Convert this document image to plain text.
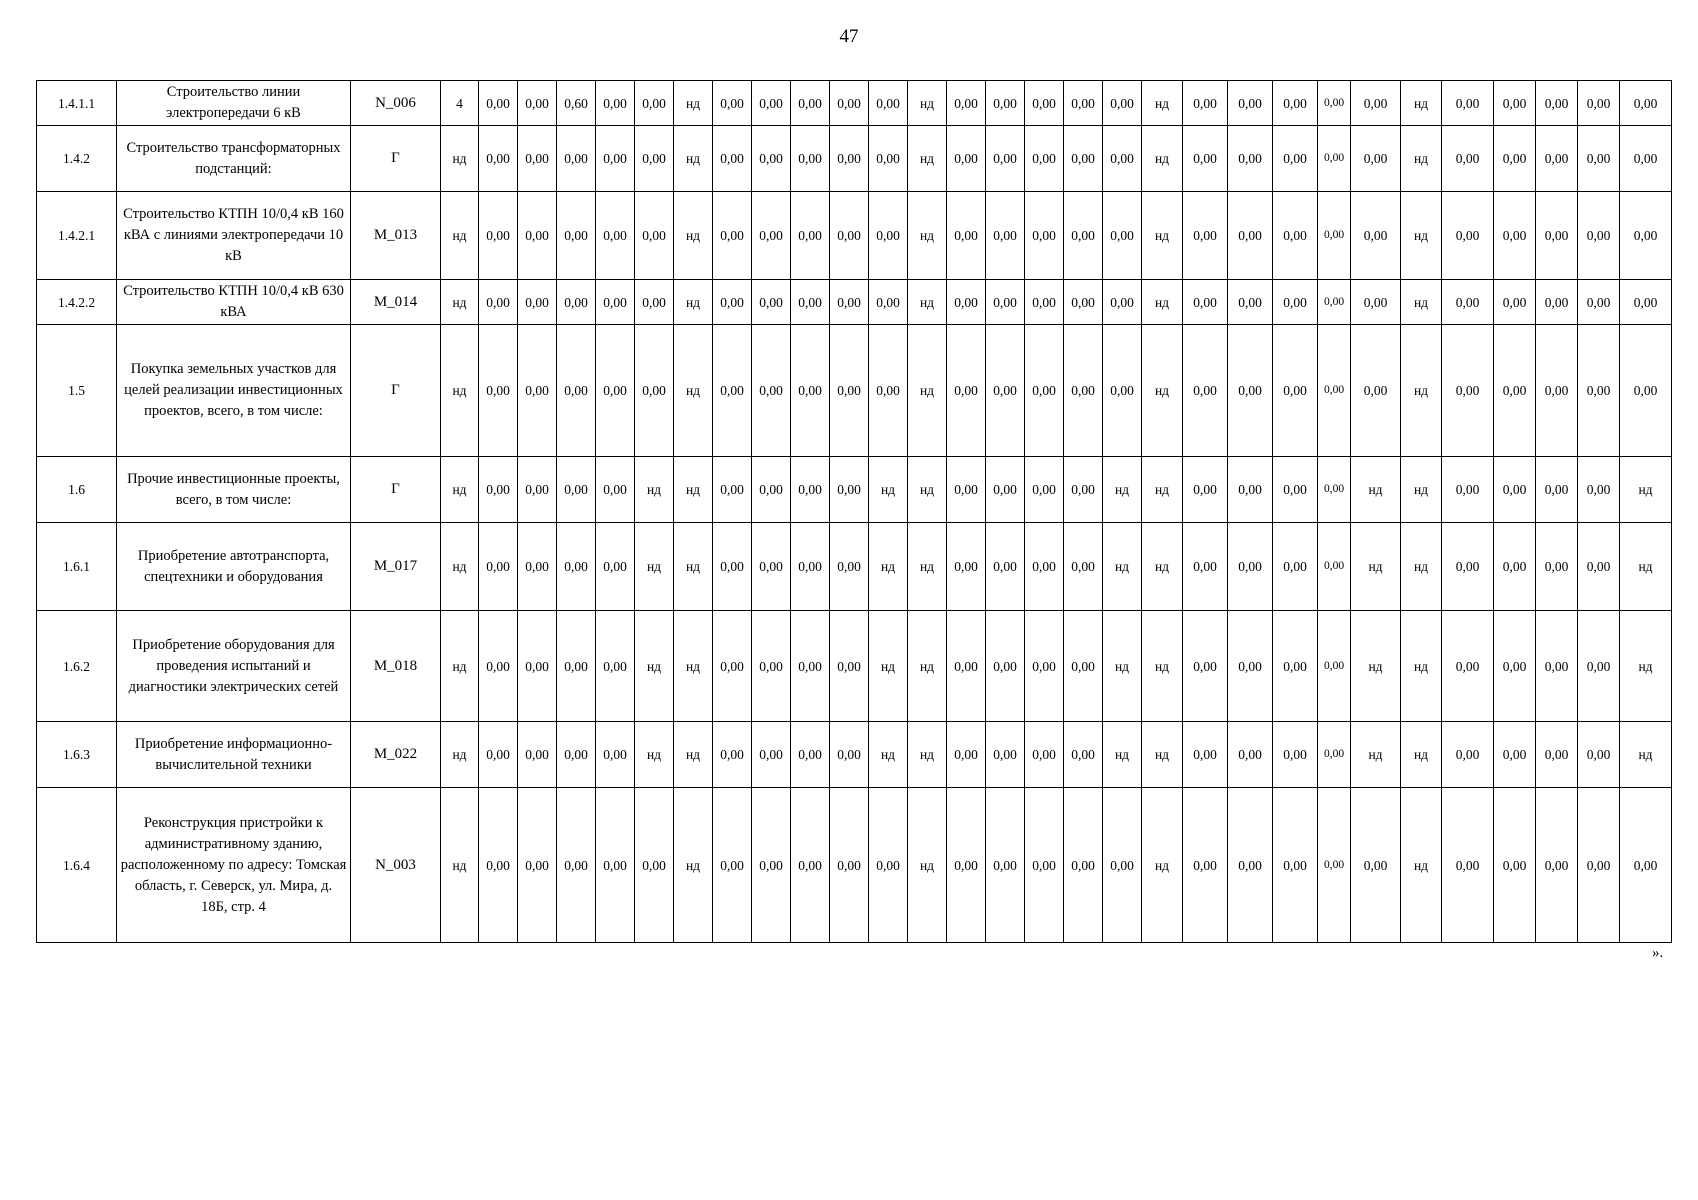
47
1.4.1.1	Строительство линии электропередачи 6 кВ	N_006	4	0,00	0,00	0,60	0,00	0,00	нд	0,00	0,00	0,00	0,00	0,00	нд	0,00	0,00	0,00	0,00	0,00	нд	0,00	0,00	0,00	0,00	0,00	нд	0,00	0,00	0,00	0,00	0,00
1.4.2	Строительство трансформаторных подстанций:	Г	нд	0,00	0,00	0,00	0,00	0,00	нд	0,00	0,00	0,00	0,00	0,00	нд	0,00	0,00	0,00	0,00	0,00	нд	0,00	0,00	0,00	0,00	0,00	нд	0,00	0,00	0,00	0,00	0,00
1.4.2.1	Строительство КТПН 10/0,4 кВ 160 кВА с линиями электропередачи 10 кВ	M_013	нд	0,00	0,00	0,00	0,00	0,00	нд	0,00	0,00	0,00	0,00	0,00	нд	0,00	0,00	0,00	0,00	0,00	нд	0,00	0,00	0,00	0,00	0,00	нд	0,00	0,00	0,00	0,00	0,00
1.4.2.2	Строительство КТПН 10/0,4 кВ 630 кВА	M_014	нд	0,00	0,00	0,00	0,00	0,00	нд	0,00	0,00	0,00	0,00	0,00	нд	0,00	0,00	0,00	0,00	0,00	нд	0,00	0,00	0,00	0,00	0,00	нд	0,00	0,00	0,00	0,00	0,00
1.5	Покупка земельных участков для целей реализации инвестиционных проектов, всего, в том числе:	Г	нд	0,00	0,00	0,00	0,00	0,00	нд	0,00	0,00	0,00	0,00	0,00	нд	0,00	0,00	0,00	0,00	0,00	нд	0,00	0,00	0,00	0,00	0,00	нд	0,00	0,00	0,00	0,00	0,00
1.6	Прочие инвестиционные проекты, всего, в том числе:	Г	нд	0,00	0,00	0,00	0,00	нд	нд	0,00	0,00	0,00	0,00	нд	нд	0,00	0,00	0,00	0,00	нд	нд	0,00	0,00	0,00	0,00	нд	нд	0,00	0,00	0,00	0,00	нд
1.6.1	Приобретение автотранспорта, спецтехники и оборудования	M_017	нд	0,00	0,00	0,00	0,00	нд	нд	0,00	0,00	0,00	0,00	нд	нд	0,00	0,00	0,00	0,00	нд	нд	0,00	0,00	0,00	0,00	нд	нд	0,00	0,00	0,00	0,00	нд
1.6.2	Приобретение оборудования для проведения испытаний и диагностики электрических сетей	M_018	нд	0,00	0,00	0,00	0,00	нд	нд	0,00	0,00	0,00	0,00	нд	нд	0,00	0,00	0,00	0,00	нд	нд	0,00	0,00	0,00	0,00	нд	нд	0,00	0,00	0,00	0,00	нд
1.6.3	Приобретение информационно-вычислительной техники	M_022	нд	0,00	0,00	0,00	0,00	нд	нд	0,00	0,00	0,00	0,00	нд	нд	0,00	0,00	0,00	0,00	нд	нд	0,00	0,00	0,00	0,00	нд	нд	0,00	0,00	0,00	0,00	нд
1.6.4	Реконструкция пристройки к административному зданию, расположенному по адресу: Томская область, г. Северск, ул. Мира, д. 18Б, стр. 4	N_003	нд	0,00	0,00	0,00	0,00	0,00	нд	0,00	0,00	0,00	0,00	0,00	нд	0,00	0,00	0,00	0,00	0,00	нд	0,00	0,00	0,00	0,00	0,00	нд	0,00	0,00	0,00	0,00	0,00
».
